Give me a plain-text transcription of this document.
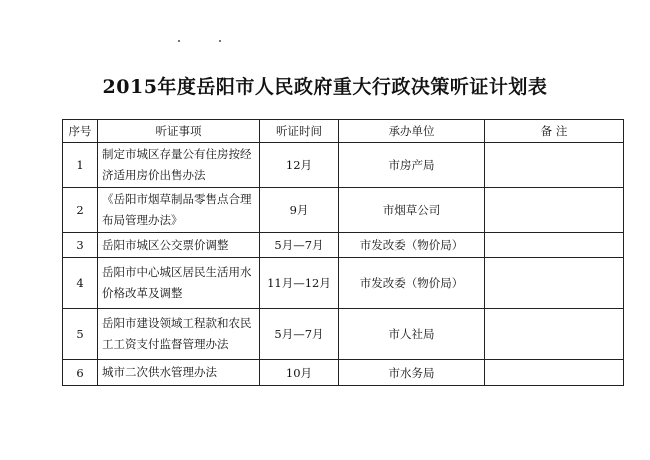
2015年度岳阳市人民政府重大行政决策听证计划表
序号	听证事项	听证时间	承办单位	备 注
1	制定市城区存量公有住房按经济适用房价出售办法	12月	市房产局	
2	《岳阳市烟草制品零售点合理布局管理办法》	9月	市烟草公司	
3	岳阳市城区公交票价调整	5月—7月	市发改委（物价局）	
4	岳阳市中心城区居民生活用水价格改革及调整	11月—12月	市发改委（物价局）	
5	岳阳市建设领域工程款和农民工工资支付监督管理办法	5月—7月	市人社局	
6	城市二次供水管理办法	10月	市水务局	
